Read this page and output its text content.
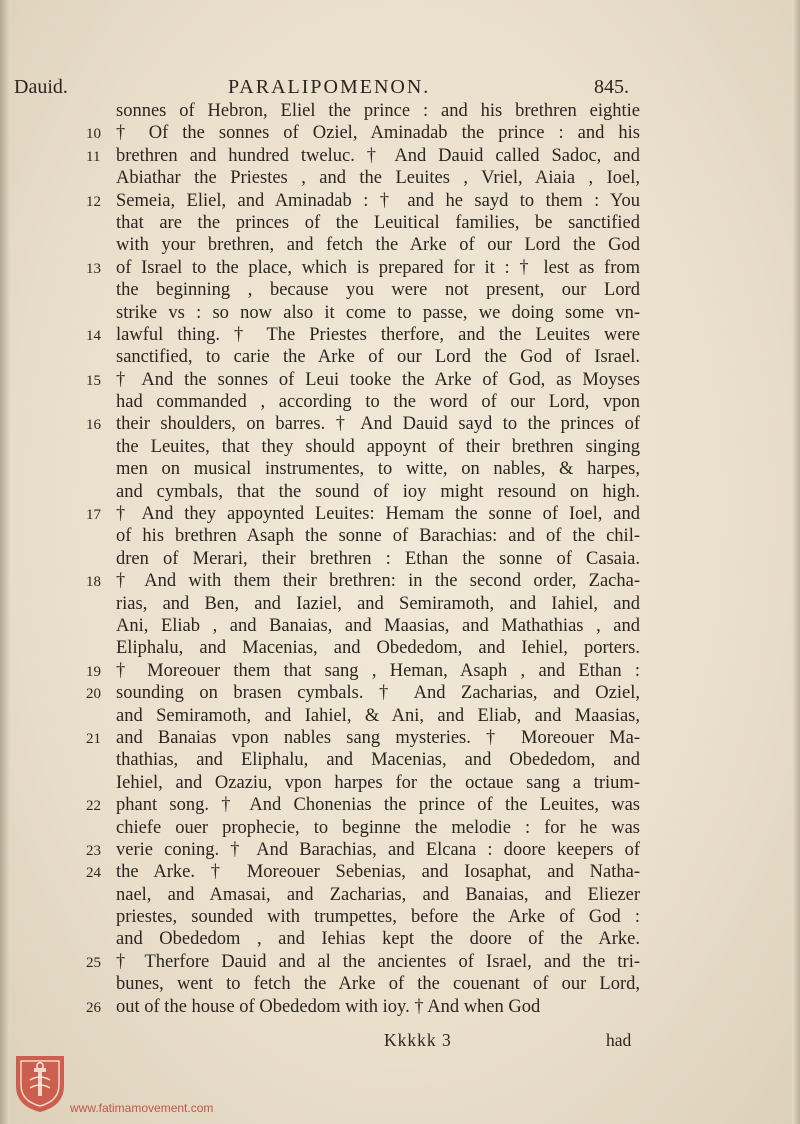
Dauid.	PARALIPOMENON.	845.
sonnes of Hebron, Eliel the prince : and his brethren eightie
10 † Of the sonnes of Oziel, Aminadab the prince : and his
11 brethren and hundred tweluc. † And Dauid called Sadoc, and
Abiathar the Priestes , and the Leuites , Vriel, Aiaia , Ioel,
12 Semeia, Eliel, and Aminadab : † and he sayd to them : You
that are the princes of the Leuitical families, be sanctified
with your brethren, and fetch the Arke of our Lord the God
13 of Israel to the place, which is prepared for it : † lest as from
the beginning , because you were not present, our Lord
strike vs : so now also it come to passe, we doing some vn-
14 lawful thing. † The Priestes therfore, and the Leuites were
sanctified, to carie the Arke of our Lord the God of Israel.
15 † And the sonnes of Leui tooke the Arke of God, as Moyses
had commanded , according to the word of our Lord, vpon
16 their shoulders, on barres. † And Dauid sayd to the princes of
the Leuites, that they should appoynt of their brethren singing
men on musical instrumentes, to witte, on nables, & harpes,
and cymbals, that the sound of ioy might resound on high.
17 † And they appoynted Leuites: Hemam the sonne of Ioel, and
of his brethren Asaph the sonne of Barachias: and of the chil-
dren of Merari, their brethren : Ethan the sonne of Casaia.
18 † And with them their brethren: in the second order, Zacha-
rias, and Ben, and Iaziel, and Semiramoth, and Iahiel, and
Ani, Eliab , and Banaias, and Maasias, and Mathathias , and
Eliphalu, and Macenias, and Obededom, and Iehiel, porters.
19 † Moreouer them that sang , Heman, Asaph , and Ethan :
20 sounding on brasen cymbals. † And Zacharias, and Oziel,
and Semiramoth, and Iahiel, & Ani, and Eliab, and Maasias,
21 and Banaias vpon nables sang mysteries. † Moreouer Ma-
thathias, and Eliphalu, and Macenias, and Obededom, and
Iehiel, and Ozaziu, vpon harpes for the octaue sang a trium-
22 phant song. † And Chonenias the prince of the Leuites, was
chiefe ouer prophecie, to beginne the melodie : for he was
23 verie coning. † And Barachias, and Elcana : doore keepers of
24 the Arke. † Moreouer Sebenias, and Iosaphat, and Natha-
nael, and Amasai, and Zacharias, and Banaias, and Eliezer
priestes, sounded with trumpettes, before the Arke of God :
and Obededom , and Iehias kept the doore of the Arke.
25 † Therfore Dauid and al the ancientes of Israel, and the tri-
bunes, went to fetch the Arke of the couenant of our Lord,
26 out of the house of Obededom with ioy. † And when God
Kkkkk 3	had
www.fatimamovement.com
